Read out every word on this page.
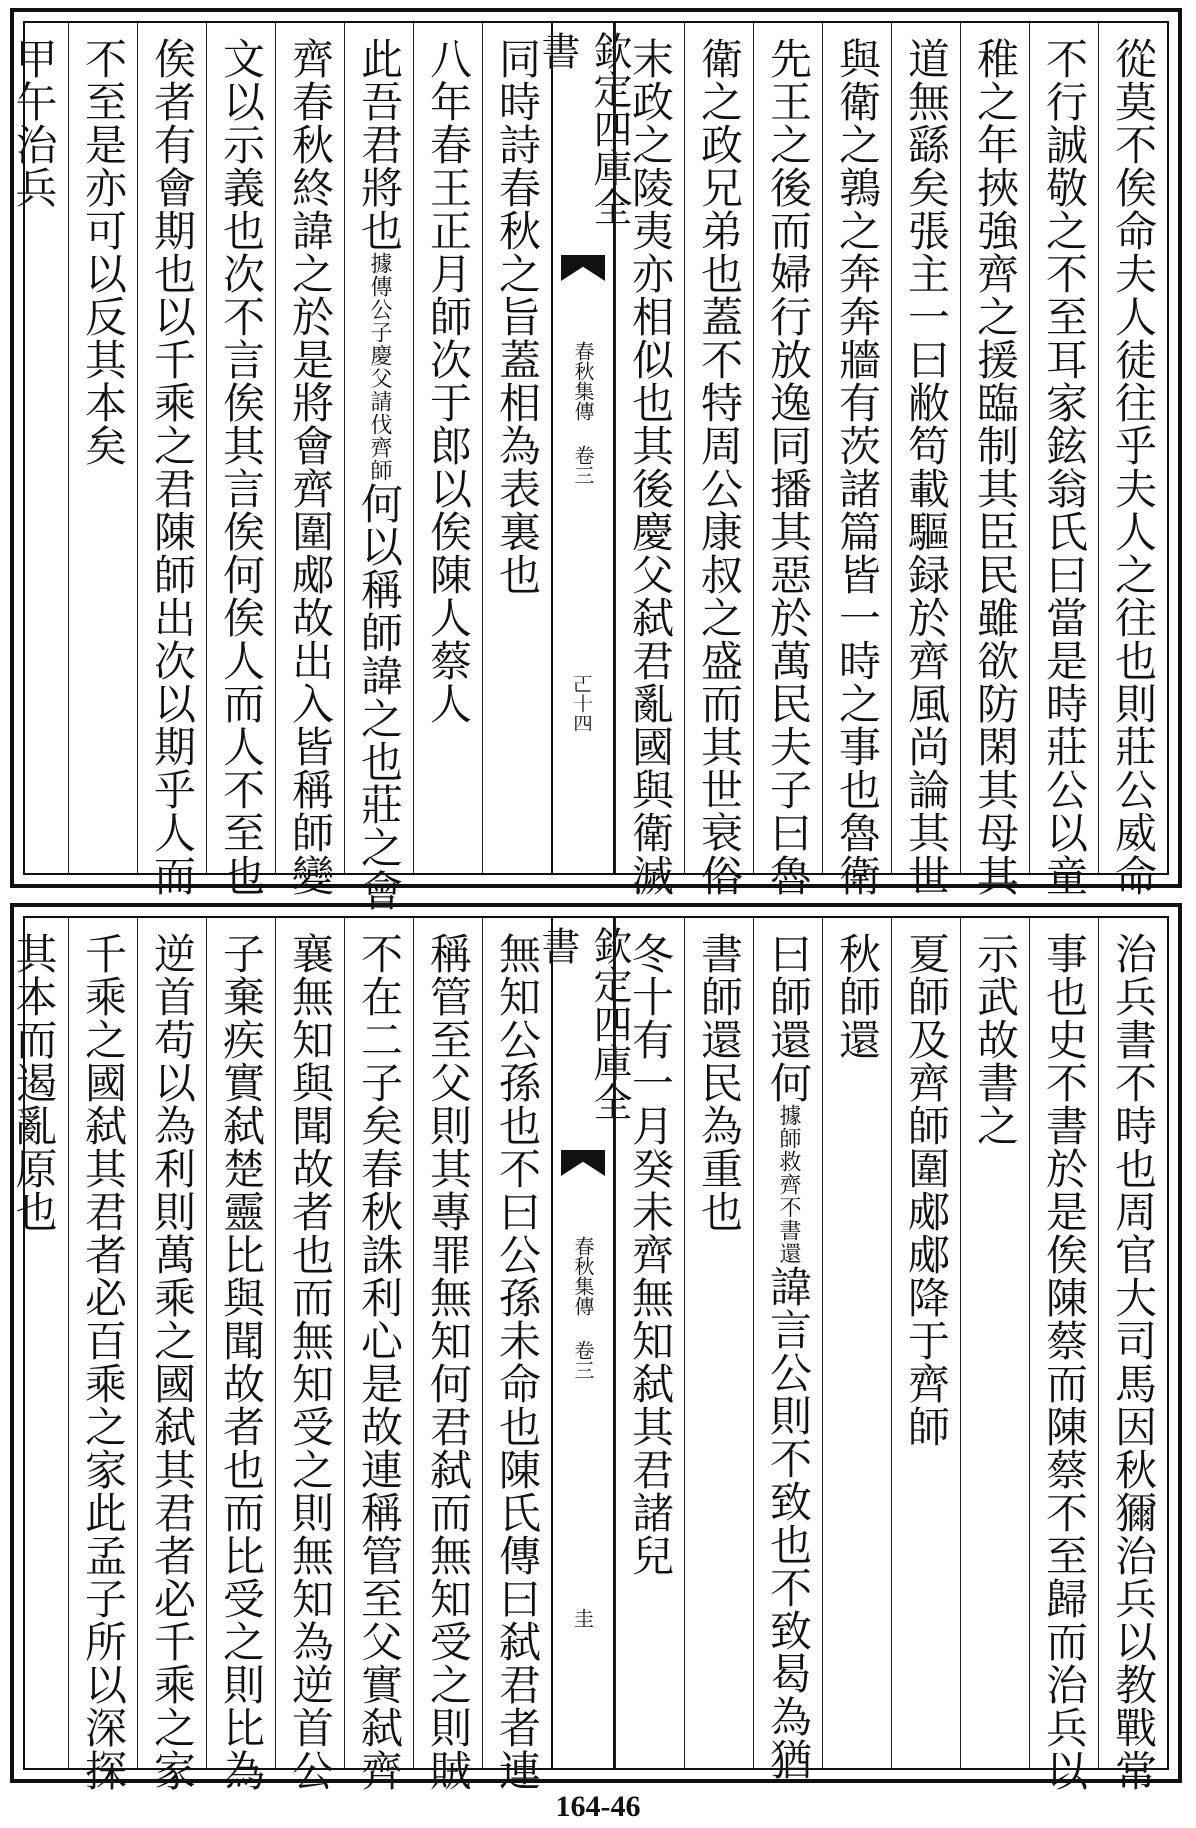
從莫不俟命夫人徒往乎夫人之往也則莊公威命
不行誠敬之不至耳家鉉翁氏曰當是時莊公以童
稚之年挾強齊之援臨制其臣民雖欲防閑其母其
道無繇矣張主一曰敝笱載驅録於齊風尚論其世
與衛之鶉之奔奔牆有茨諸篇皆一時之事也魯衛
先王之後而婦行放逸同播其惡於萬民夫子曰魯
衛之政兄弟也蓋不特周公康叔之盛而其世衰俗
末政之陵夷亦相似也其後慶父弑君亂國與衛滅
欽定四庫全書
春秋集傳 卷三
𠀀十四
同時詩春秋之旨蓋相為表裏也
八年春王正月師次于郎以俟陳人蔡人
此吾君將也據傳公子慶父請伐齊師何以稱師諱之也莊之會
齊春秋終諱之於是將會齊圍郕故出入皆稱師變
文以示義也次不言俟其言俟何俟人而人不至也
俟者有會期也以千乘之君陳師出次以期乎人而
不至是亦可以反其本矣
甲午治兵
治兵書不時也周官大司馬因秋獮治兵以教戰常
事也史不書於是俟陳蔡而陳蔡不至歸而治兵以
示武故書之
夏師及齊師圍郕郕降于齊師
秋師還
曰師還何據師救齊不書還諱言公則不致也不致曷為猶
書師還民為重也
冬十有一月癸未齊無知弑其君諸兒
欽定四庫全書
春秋集傳 卷三
圭
無知公孫也不曰公孫未命也陳氏傳曰弑君者連
稱管至父則其專罪無知何君弑而無知受之則賊
不在二子矣春秋誅利心是故連稱管至父實弑齊
襄無知與聞故者也而無知受之則無知為逆首公
子棄疾實弑楚靈比與聞故者也而比受之則比為
逆首苟以為利則萬乘之國弑其君者必千乘之家
千乘之國弑其君者必百乘之家此孟子所以深探
其本而遏亂原也
164-46
